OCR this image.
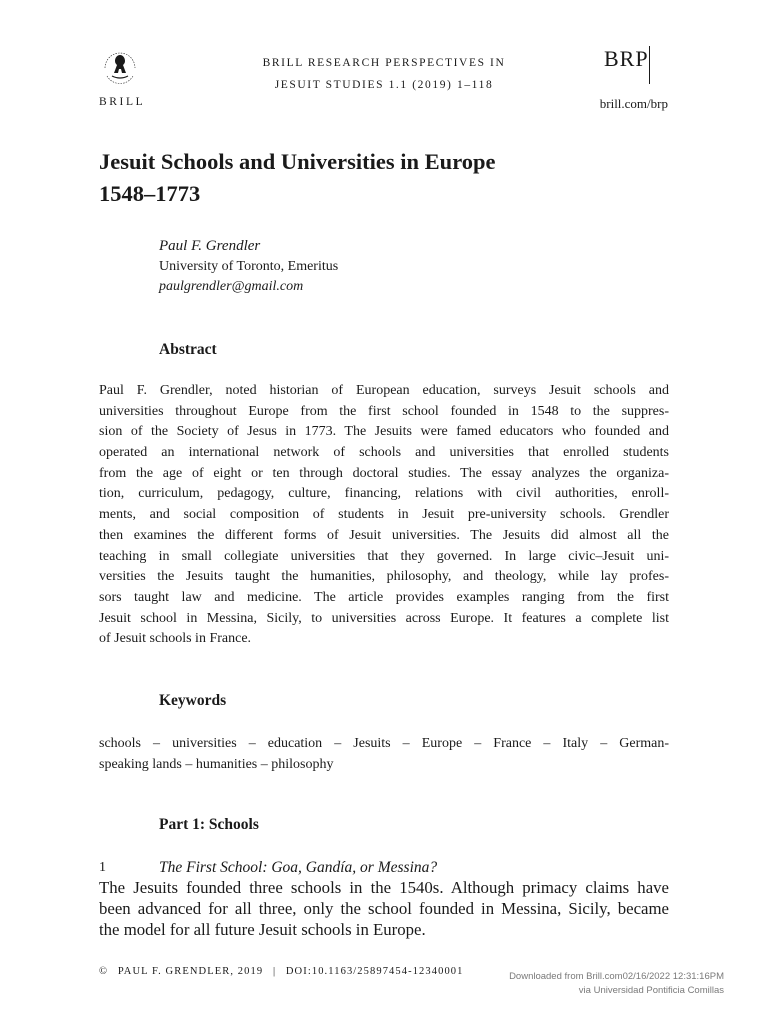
BRILL
BRILL RESEARCH PERSPECTIVES IN
JESUIT STUDIES 1.1 (2019) 1–118
BRP
brill.com/brp
Jesuit Schools and Universities in Europe
1548–1773
Paul F. Grendler
University of Toronto, Emeritus
paulgrendler@gmail.com
Abstract
Paul F. Grendler, noted historian of European education, surveys Jesuit schools and
universities throughout Europe from the first school founded in 1548 to the suppres-
sion of the Society of Jesus in 1773. The Jesuits were famed educators who founded and
operated an international network of schools and universities that enrolled students
from the age of eight or ten through doctoral studies. The essay analyzes the organiza-
tion, curriculum, pedagogy, culture, financing, relations with civil authorities, enroll-
ments, and social composition of students in Jesuit pre-university schools. Grendler
then examines the different forms of Jesuit universities. The Jesuits did almost all the
teaching in small collegiate universities that they governed. In large civic–Jesuit uni-
versities the Jesuits taught the humanities, philosophy, and theology, while lay profes-
sors taught law and medicine. The article provides examples ranging from the first
Jesuit school in Messina, Sicily, to universities across Europe. It features a complete list
of Jesuit schools in France.
Keywords
schools – universities – education – Jesuits – Europe – France – Italy – German-
speaking lands – humanities – philosophy
Part 1: Schools
1	The First School: Goa, Gandía, or Messina?
The Jesuits founded three schools in the 1540s. Although primacy claims have
been advanced for all three, only the school founded in Messina, Sicily, became
the model for all future Jesuit schools in Europe.
© PAUL F. GRENDLER, 2019 | DOI:10.1163/25897454-12340001	Downloaded from Brill.com02/16/2022 12:31:16PM
via Universidad Pontificia Comillas
